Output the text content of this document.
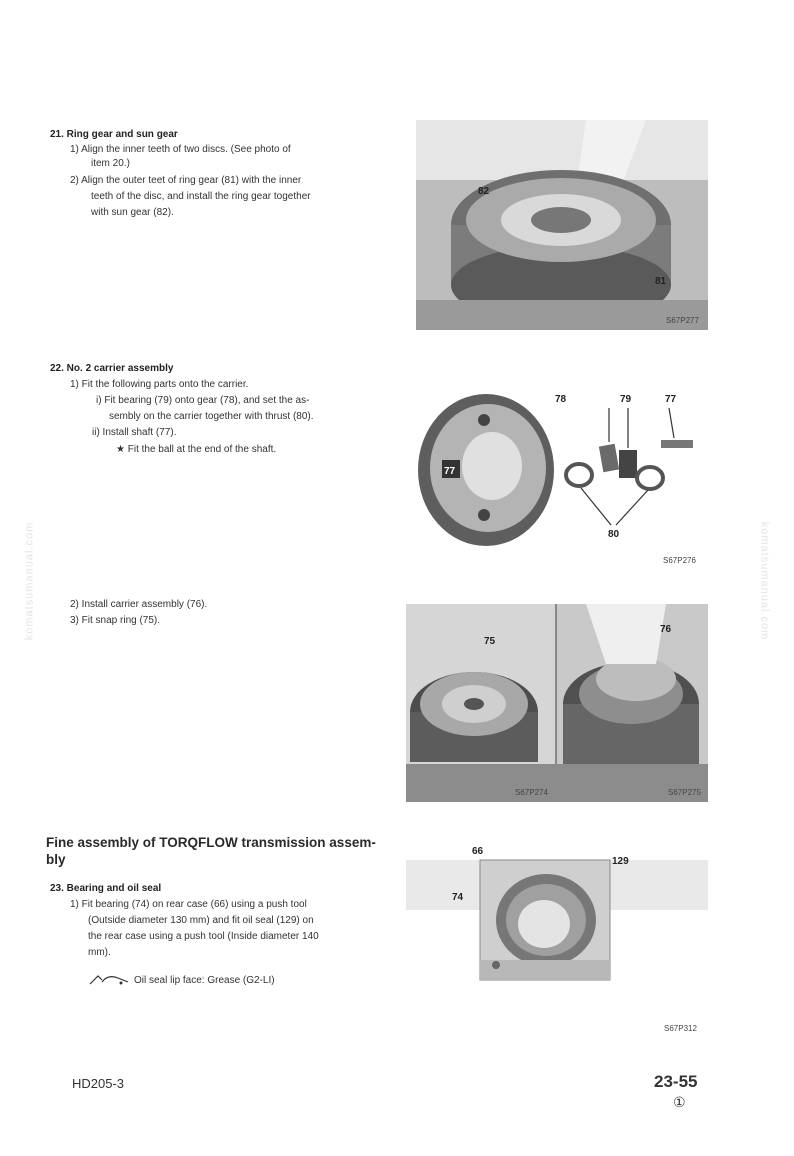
komatsumanual.com	komatsumanual.com
21. Ring gear and sun gear
1) Align the inner teeth of two discs. (See photo of
item 20.)
2) Align the outer teet of ring gear (81) with the inner
teeth of the disc, and install the ring gear together
with sun gear (82).
82
81
S67P277
22. No. 2 carrier assembly
1) Fit the following parts onto the carrier.
i) Fit bearing (79) onto gear (78), and set the as-
sembly on the carrier together with thrust (80).
ii) Install shaft (77).
★ Fit the ball at the end of the shaft.
78	79	77
77
80
S67P276
2) Install carrier assembly (76).
3) Fit snap ring (75).
75
76
S67P274	S67P275
Fine assembly of TORQFLOW transmission assem-
bly
23. Bearing and oil seal
1) Fit bearing (74) on rear case (66) using a push tool
(Outside diameter 130 mm) and fit oil seal (129) on
the rear case using a push tool (Inside diameter 140
mm).
Oil seal lip face: Grease (G2-LI)
66
129
74
S67P312
HD205-3	23-55
①
